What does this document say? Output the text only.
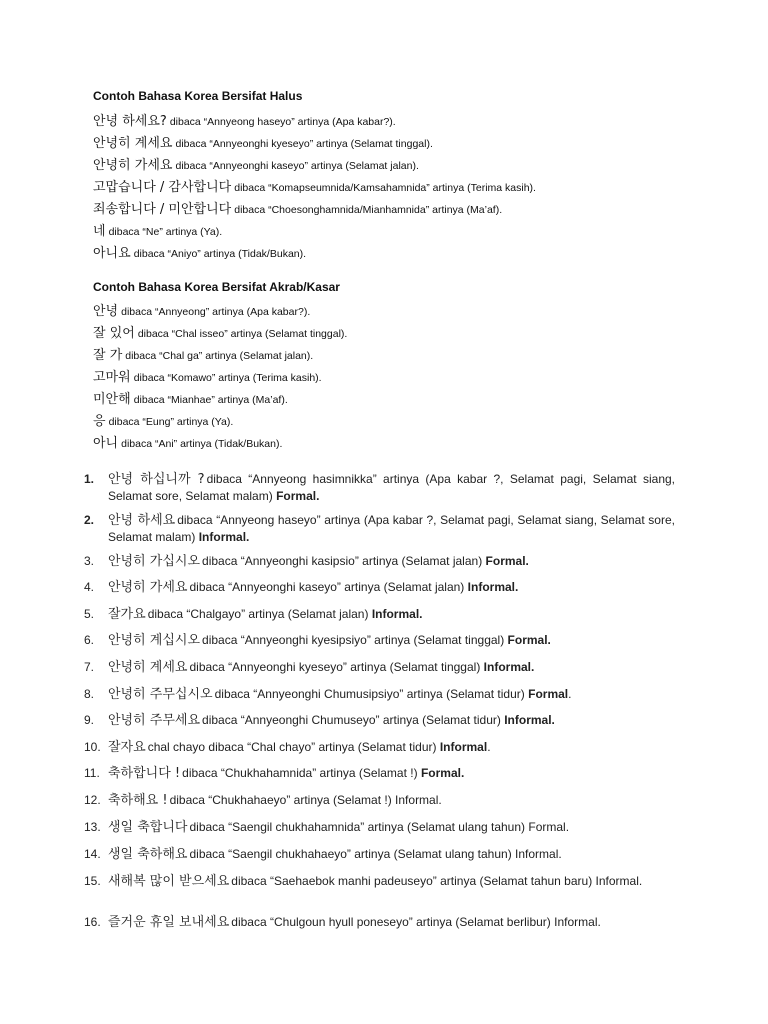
Contoh Bahasa Korea Bersifat Halus
안녕 하세요? dibaca “Annyeong haseyo” artinya (Apa kabar?).
안녕히 계세요 dibaca “Annyeonghi kyeseyo” artinya (Selamat tinggal).
안녕히 가세요 dibaca “Annyeonghi kaseyo” artinya (Selamat jalan).
고맙습니다 / 감사합니다 dibaca “Komapseumnida/Kamsahamnida” artinya (Terima kasih).
죄송합니다 / 미안합니다 dibaca “Choesonghamnida/Mianhamnida” artinya (Ma’af).
네 dibaca “Ne” artinya (Ya).
아니요 dibaca “Aniyo” artinya (Tidak/Bukan).
Contoh Bahasa Korea Bersifat Akrab/Kasar
안녕 dibaca “Annyeong” artinya (Apa kabar?).
잘 있어 dibaca “Chal isseo” artinya (Selamat tinggal).
잘 가 dibaca “Chal ga” artinya (Selamat jalan).
고마워 dibaca “Komawo” artinya (Terima kasih).
미안해 dibaca “Mianhae” artinya (Ma’af).
응 dibaca “Eung” artinya (Ya).
아니 dibaca “Ani” artinya (Tidak/Bukan).
1.	안녕 하십니까 ? dibaca “Annyeong hasimnikka” artinya (Apa kabar ?, Selamat pagi, Selamat siang, Selamat sore, Selamat malam) Formal.
2.	안녕 하세요 dibaca “Annyeong haseyo” artinya (Apa kabar ?, Selamat pagi, Selamat siang, Selamat sore, Selamat malam) Informal.
3.	안녕히 가십시오 dibaca “Annyeonghi kasipsio” artinya (Selamat jalan) Formal.
4.	안녕히 가세요 dibaca “Annyeonghi kaseyo” artinya (Selamat jalan) Informal.
5.	잘가요 dibaca “Chalgayo” artinya (Selamat jalan) Informal.
6.	안녕히 계십시오 dibaca “Annyeonghi kyesipsiyo” artinya (Selamat tinggal) Formal.
7.	안녕히 계세요 dibaca “Annyeonghi kyeseyo” artinya (Selamat tinggal) Informal.
8.	안녕히 주무십시오 dibaca “Annyeonghi Chumusipsiyo” artinya (Selamat tidur) Formal.
9.	안녕히 주무세요 dibaca “Annyeonghi Chumuseyo” artinya (Selamat tidur) Informal.
10. 잘자요 chal chayo dibaca “Chal chayo” artinya (Selamat tidur) Informal.
11. 축하합니다 ! dibaca “Chukhahamnida” artinya (Selamat !) Formal.
12. 축하해요 ! dibaca “Chukhahaeyo” artinya (Selamat !) Informal.
13. 생일 축합니다 dibaca “Saengil chukhahamnida” artinya (Selamat ulang tahun) Formal.
14. 생일 축하해요 dibaca “Saengil chukhahaeyo” artinya (Selamat ulang tahun) Informal.
15. 새해복 많이 받으세요 dibaca “Saehaebok manhi padeuseyo” artinya (Selamat tahun baru) Informal.
16. 즐거운 휴일 보내세요 dibaca “Chulgoun hyull poneseyo” artinya (Selamat berlibur) Informal.
